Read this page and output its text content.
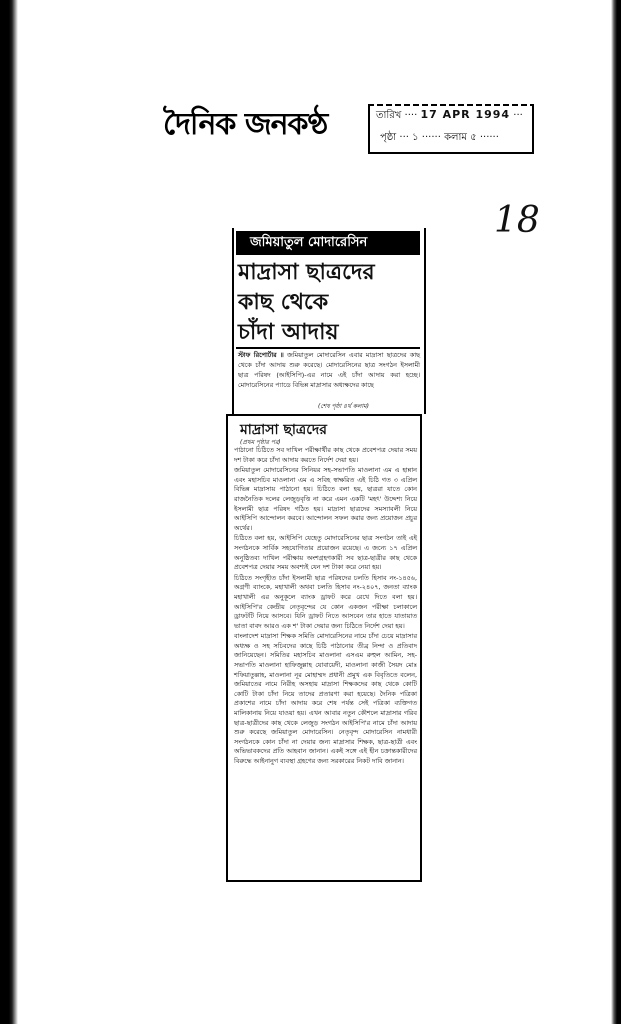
দৈনিক জনকণ্ঠ	তারিখ ···· 17 APR 1994 ···
পৃষ্ঠা ··· ১ ······ কলাম ৫ ······
18
জমিয়াতুল মোদারেসিন
মাদ্রাসা ছাত্রদের
কাছ থেকে
চাঁদা আদায়
স্টাফ রিপোর্টার ॥ জমিয়াতুল মোদারেসিন এবার মাদ্রাসা ছাত্রদের কাছ থেকে চাঁদা আদায় শুরু করেছে। মোদারেসিনের ছাত্র সংগঠন ইসলামী ছাত্র পরিষদ (আইসিপি)-এর নামে এই চাঁদা আদায় করা হচ্ছে। মোদারেসিনের প্যাডে বিভিন্ন মাদ্রাসার অধ্যক্ষদের কাছে
(শেষ পৃষ্ঠা ৪র্থ কলাম)
মাদ্রাসা ছাত্রদের
(প্রথম পৃষ্ঠার পর)

পাঠানো চিঠিতে সব দাখিল পরীক্ষার্থীর কাছ থেকে প্রবেশপত্র দেয়ার সময় দশ টাকা করে চাঁদা আদায় করতে নির্দেশ দেয়া হয়।

জমিয়াতুল মোদারেসিনের সিনিয়র সহ-সভাপতি মাওলানা এম এ হান্নান এবং মহাসচিব মাওলানা এম এ সবিহ স্বাক্ষরিত এই চিঠি গত ৩ এপ্রিল বিভিন্ন মাদ্রাসায় পাঠানো হয়। চিঠিতে বলা হয়, ছাত্ররা যাতে কোন রাজনৈতিক দলের লেজুড়বৃত্তি না করে এমন একটি 'মহৎ' উদ্দেশ্য নিয়ে ইসলামী ছাত্র পরিষদ গঠিত হয়। মাদ্রাসা ছাত্রদের সমস্যাবলী নিয়ে আইসিপি আন্দোলন করবে। আন্দোলন সফল করার জন্য প্রয়োজন প্রচুর অর্থের।

চিঠিতে বলা হয়, আইসিপি যেহেতু মোদারেসিনের ছাত্র সংগঠন তাই এই সংগঠনকে সার্বিক সহযোগিতার প্রয়োজন রয়েছে। এ জন্যে ১৭ এপ্রিল অনুষ্ঠিতব্য দাখিল পরীক্ষায় অংশগ্রহণকারী সব ছাত্র-ছাত্রীর কাছ থেকে প্রবেশপত্র দেয়ার সময় অবশ্যই যেন দশ টাকা করে নেয়া হয়।

চিঠিতে সংগৃহীত চাঁদা ইসলামী ছাত্র পরিষদের চলতি হিসাব নং-১৪৫৬, অগ্রণী ব্যাংকে, মহাখালী অথবা চলতি হিসাব নং-২৪০৭, জনতা ব্যাংক মহাখালী এর অনুকূলে ব্যাংক ড্রাফট করে রেখে দিতে বলা হয়। আইসিপি'র কেন্দ্রীয় নেতৃবৃন্দের যে কোন একজন পরীক্ষা চলাকালে ড্রাফটটি নিয়ে আসবে। যিনি ড্রাফট নিতে আসবেন তার হাতে যাতায়াত ভাতা বাবদ আরও এক শ' টাকা দেয়ার জন্য চিঠিতে নির্দেশ দেয়া হয়।

বাংলাদেশ মাদ্রাসা শিক্ষক সমিতি মোদারেসিনের নামে চাঁদা চেয়ে মাদ্রাসার অধ্যক্ষ ও সহ সচিবদের কাছে চিঠি পাঠানোর তীব্র নিন্দা ও প্রতিবাদ জানিয়েছেন। সমিতির মহাসচিব মাওলানা এসএম রুহুল আমিন, সহ-সভাপতি মাওলানা হাফিজুল্লাহ যোবায়েদী, মাওলানা কাজী সৈয়দ মোঃ শফিয়াতুল্লাহ, মাওলানা নূর মোহাম্মদ প্রধানী প্রমুখ এক বিবৃতিতে বলেন, জমিয়াতের নামে নিরীহ অসহায় মাদ্রাসা শিক্ষকদের কাছ থেকে কোটি কোটি টাকা চাঁদা নিয়ে তাদের প্রতারণা করা হয়েছে। দৈনিক পত্রিকা প্রকাশের নামে চাঁদা আদায় করে শেষ পর্যন্ত সেই পত্রিকা ব্যক্তিগত মালিকানায় নিয়ে যাওয়া হয়। এখন আবার নতুন কৌশলে মাদ্রাসার গরিব ছাত্র-ছাত্রীদের কাছ থেকে লেজুড় সংগঠন আইসিপি'র নামে চাঁদা আদায় শুরু করেছে জমিয়াতুল মোদারেসিন। নেতৃবৃন্দ মোদারেসিন নামধারী সংগঠনকে কোন চাঁদা না দেয়ার জন্য মাদ্রাসার শিক্ষক, ছাত্র-ছাত্রী এবং অভিভাবকদের প্রতি আহবান জানান। একই সঙ্গে এই হীন চক্রান্তকারীদের বিরুদ্ধে আইনানুগ ব্যবস্থা গ্রহণের জন্য সরকারের নিকট দাবি জানান।
